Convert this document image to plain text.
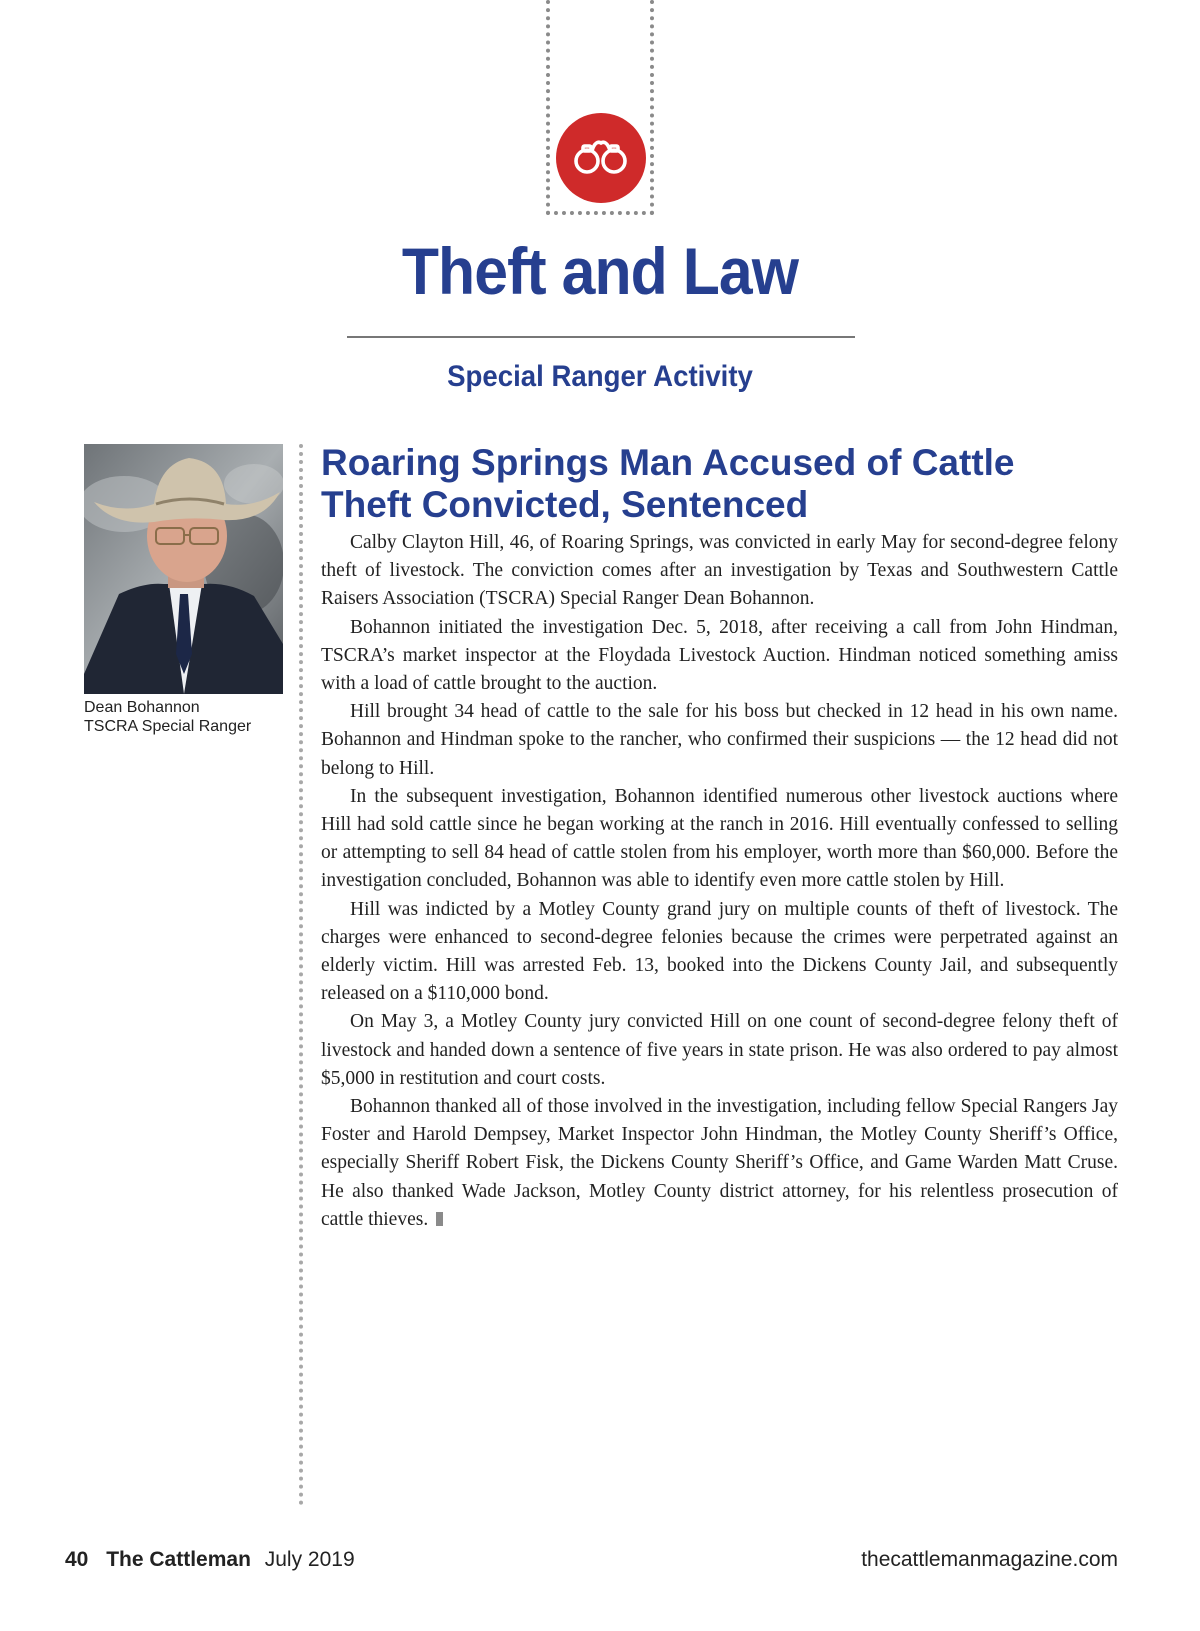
Theft and Law
Special Ranger Activity
Dean Bohannon
TSCRA Special Ranger
Roaring Springs Man Accused of Cattle
Theft Convicted, Sentenced

Calby Clayton Hill, 46, of Roaring Springs, was convicted in early May for second-degree felony theft of livestock. The conviction comes after an investigation by Texas and Southwestern Cattle Raisers Association (TSCRA) Special Ranger Dean Bohannon.

Bohannon initiated the investigation Dec. 5, 2018, after receiving a call from John Hindman, TSCRA’s market inspector at the Floydada Livestock Auction. Hindman noticed something amiss with a load of cattle brought to the auction.

Hill brought 34 head of cattle to the sale for his boss but checked in 12 head in his own name. Bohannon and Hindman spoke to the rancher, who confirmed their suspicions — the 12 head did not belong to Hill.

In the subsequent investigation, Bohannon identified numerous other livestock auctions where Hill had sold cattle since he began working at the ranch in 2016. Hill eventually confessed to selling or attempting to sell 84 head of cattle stolen from his employer, worth more than $60,000. Before the investigation concluded, Bohannon was able to identify even more cattle stolen by Hill.

Hill was indicted by a Motley County grand jury on multiple counts of theft of livestock. The charges were enhanced to second-degree felonies because the crimes were perpetrated against an elderly victim. Hill was arrested Feb. 13, booked into the Dickens County Jail, and subsequently released on a $110,000 bond.

On May 3, a Motley County jury convicted Hill on one count of second-degree felony theft of livestock and handed down a sentence of five years in state prison. He was also ordered to pay almost $5,000 in restitution and court costs.

Bohannon thanked all of those involved in the investigation, including fellow Special Rangers Jay Foster and Harold Dempsey, Market Inspector John Hindman, the Motley County Sheriff’s Office, especially Sheriff Robert Fisk, the Dickens County Sheriff’s Office, and Game Warden Matt Cruse. He also thanked Wade Jackson, Motley County district attorney, for his relentless prosecution of cattle thieves.

40 The Cattleman July 2019	thecattlemanmagazine.com
